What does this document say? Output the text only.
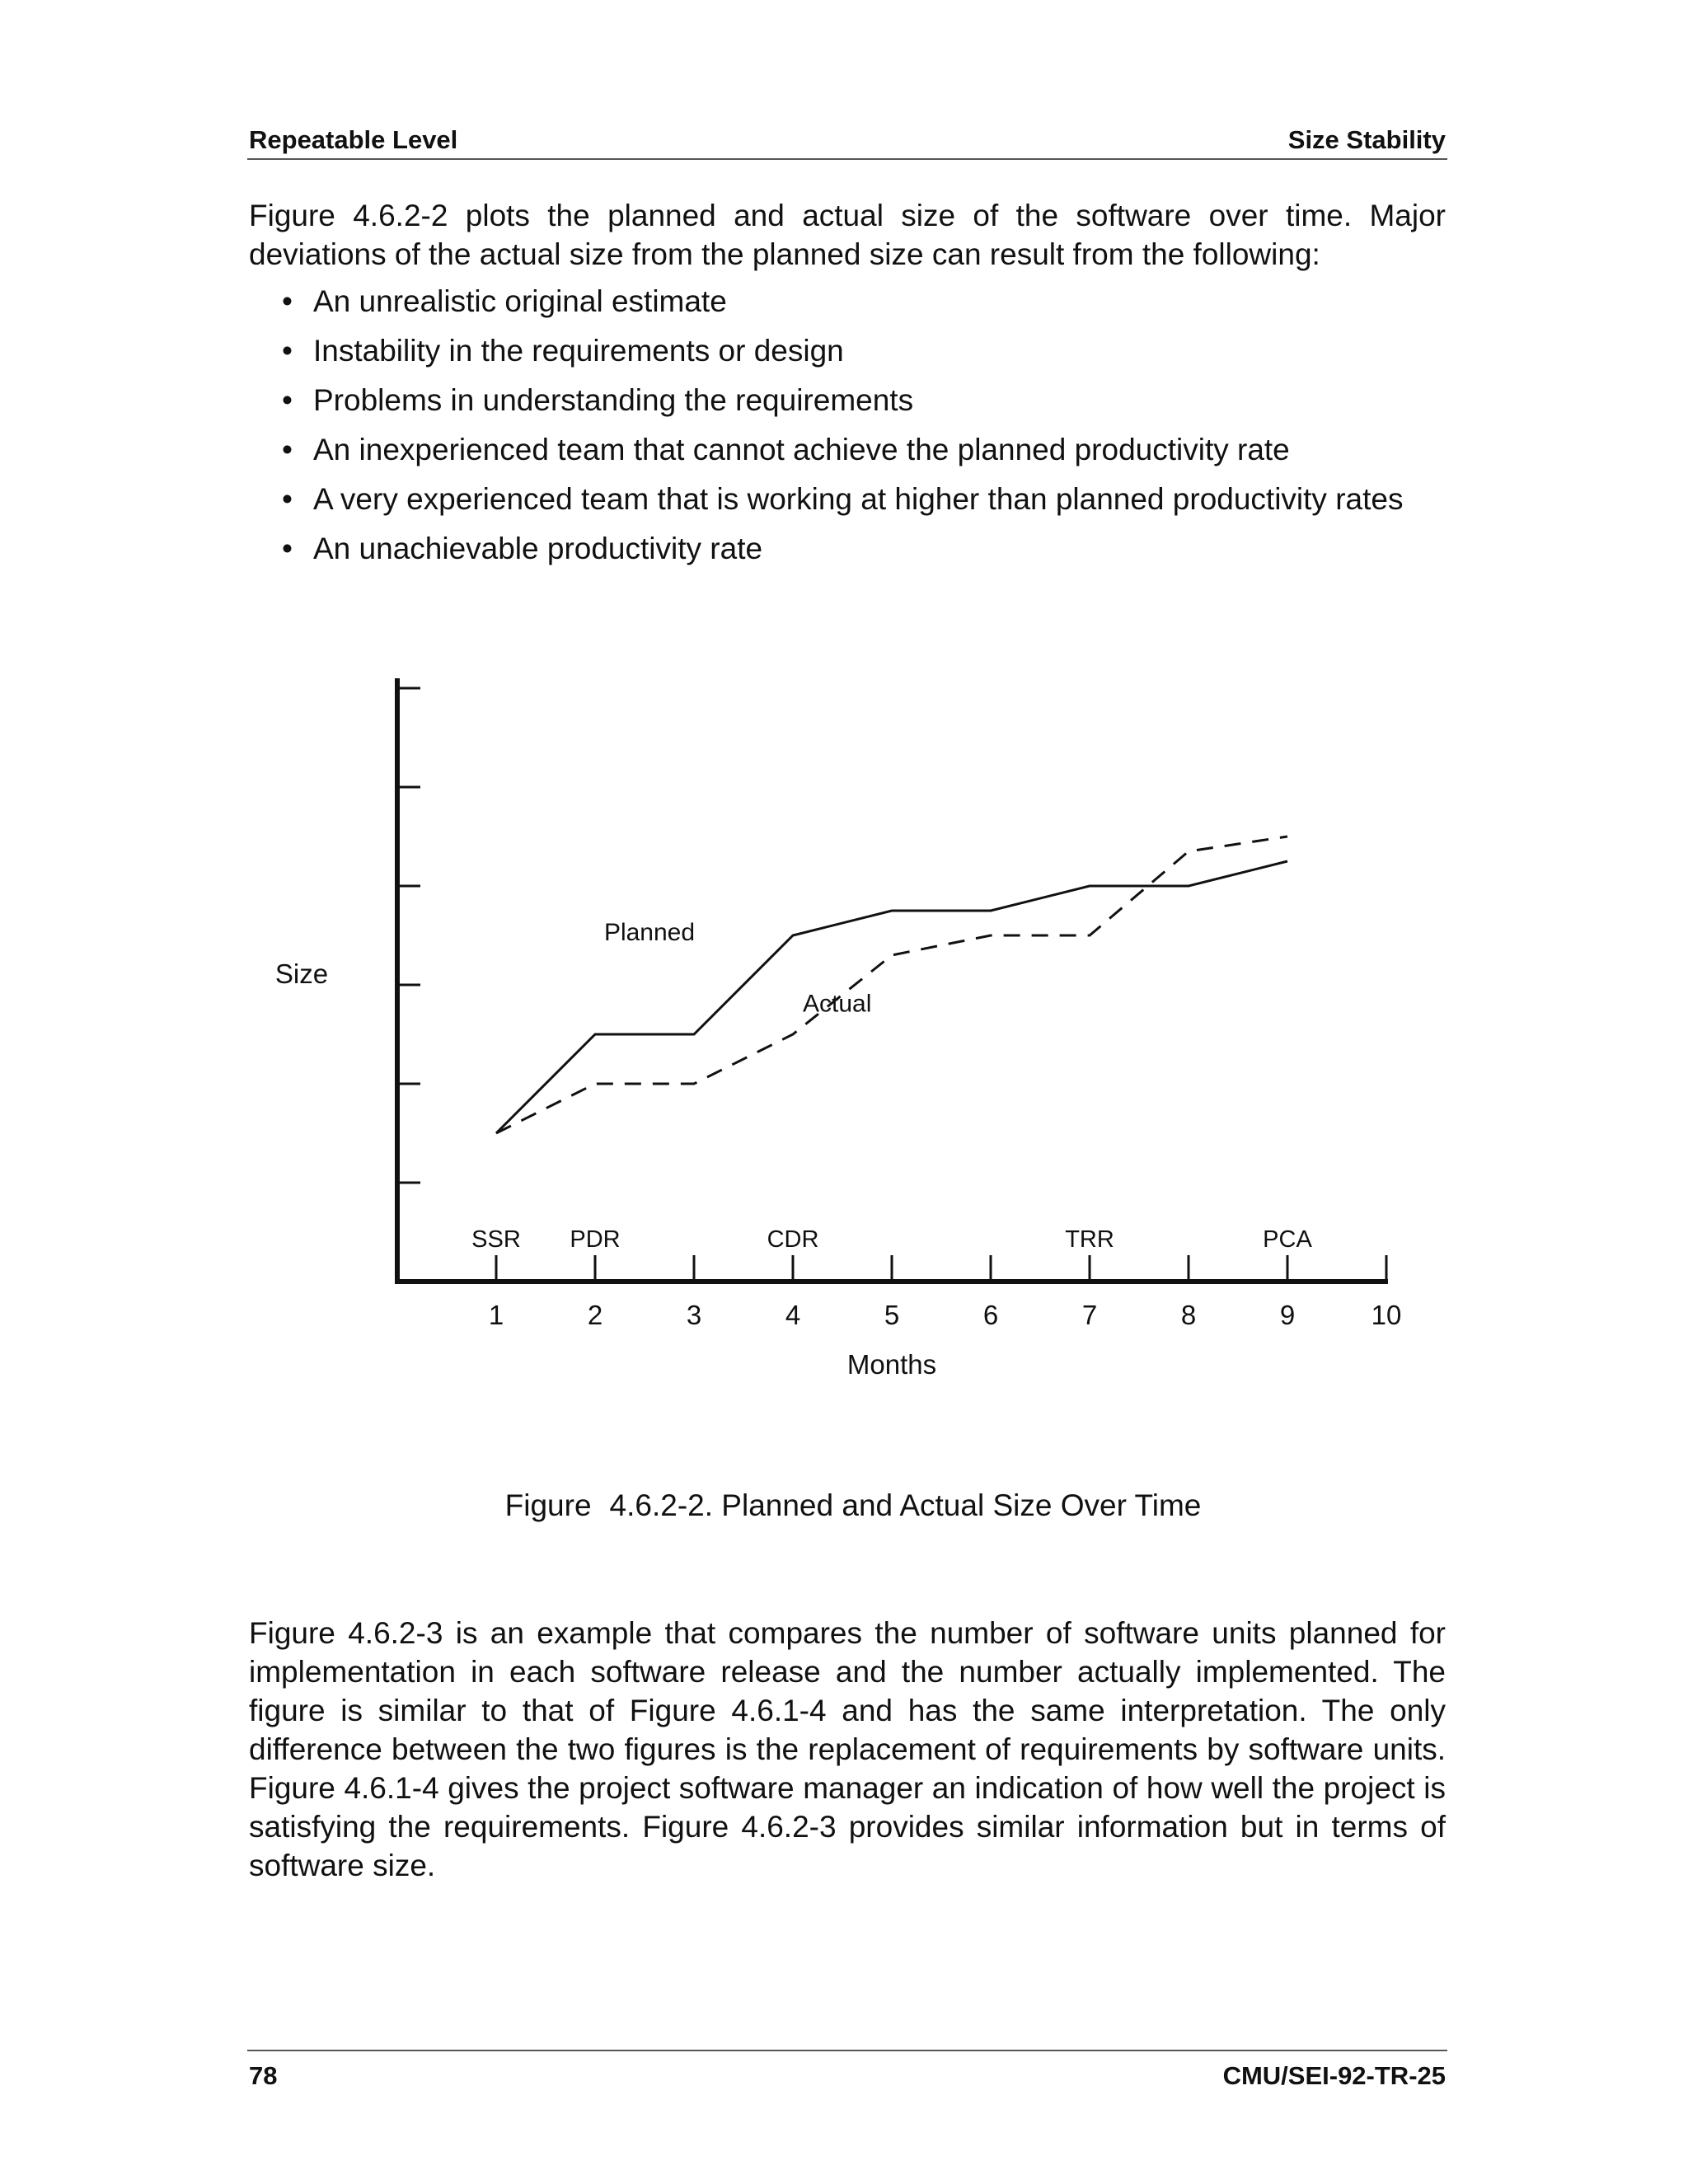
Repeatable Level	Size Stability

Figure 4.6.2-2 plots the planned and actual size of the software over time. Major deviations of the actual size from the planned size can result from the following:

• An unrealistic original estimate
• Instability in the requirements or design
• Problems in understanding the requirements
• An inexperienced team that cannot achieve the planned productivity rate
• A very experienced team that is working at higher than planned productivity rates
• An unachievable productivity rate
1	2	3	4	5	6	7	8	9	10
SSR PDR	CDR	TRR	PCA
Months
Size
Planned
Actual
Figure 4.6.2-2. Planned and Actual Size Over Time

Figure 4.6.2-3 is an example that compares the number of software units planned for implementation in each software release and the number actually implemented. The figure is similar to that of Figure 4.6.1-4 and has the same interpretation. The only difference between the two figures is the replacement of requirements by software units. Figure 4.6.1-4 gives the project software manager an indication of how well the project is satisfying the requirements. Figure 4.6.2-3 provides similar information but in terms of software size.

78	CMU/SEI-92-TR-25
